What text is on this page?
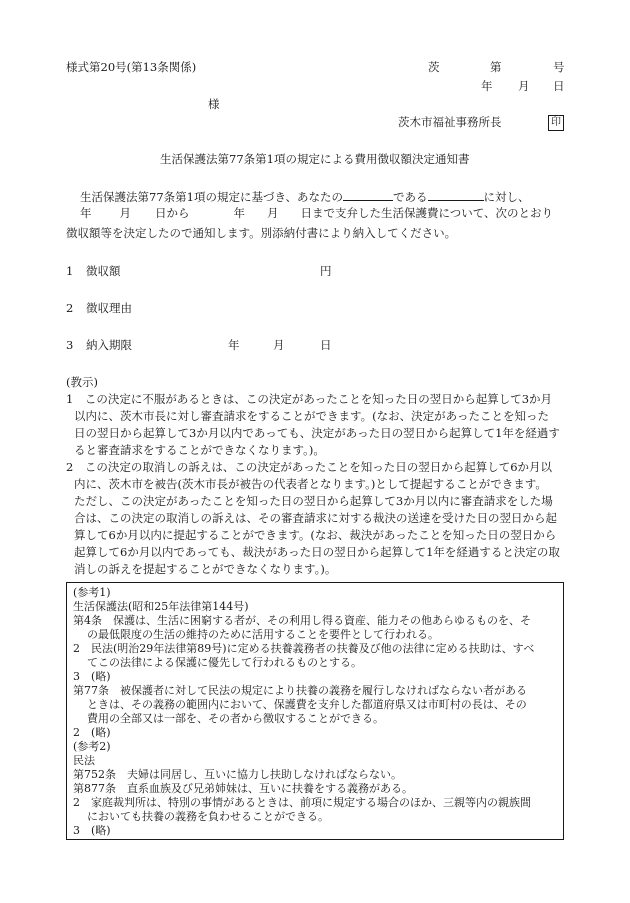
様式第20号(第13条関係)	茨	第	号
年 月 日
様
茨木市福祉事務所長	印
生活保護法第77条第1項の規定による費用徴収額決定通知書
生活保護法第77条第1項の規定に基づき、あなたの	である	に対し、
年 月 日から	年 月 日まで支弁した生活保護費について、次のとおり
徴収額等を決定したので通知します。別添納付書により納入してください。
1 徴収額	円
2 徴収理由
3 納入期限	年	月	日
(教示)
1　この決定に不服があるときは、この決定があったことを知った日の翌日から起算して3か月
以内に、茨木市長に対し審査請求をすることができます。(なお、決定があったことを知った
日の翌日から起算して3か月以内であっても、決定があった日の翌日から起算して1年を経過す
ると審査請求をすることができなくなります。)。
2　この決定の取消しの訴えは、この決定があったことを知った日の翌日から起算して6か月以
内に、茨木市を被告(茨木市長が被告の代表者となります。)として提起することができます。
ただし、この決定があったことを知った日の翌日から起算して3か月以内に審査請求をした場
合は、この決定の取消しの訴えは、その審査請求に対する裁決の送達を受けた日の翌日から起
算して6か月以内に提起することができます。(なお、裁決があったことを知った日の翌日から
起算して6か月以内であっても、裁決があった日の翌日から起算して1年を経過すると決定の取
消しの訴えを提起することができなくなります。)。
(参考1)
生活保護法(昭和25年法律第144号)
第4条　保護は、生活に困窮する者が、その利用し得る資産、能力その他あらゆるものを、そ
の最低限度の生活の維持のために活用することを要件として行われる。
2　民法(明治29年法律第89号)に定める扶養義務者の扶養及び他の法律に定める扶助は、すべ
てこの法律による保護に優先して行われるものとする。
3　(略)
第77条　被保護者に対して民法の規定により扶養の義務を履行しなければならない者がある
ときは、その義務の範囲内において、保護費を支弁した都道府県又は市町村の長は、その
費用の全部又は一部を、その者から徴収することができる。
2　(略)
(参考2)
民法
第752条　夫婦は同居し、互いに協力し扶助しなければならない。
第877条　直系血族及び兄弟姉妹は、互いに扶養をする義務がある。
2　家庭裁判所は、特別の事情があるときは、前項に規定する場合のほか、三親等内の親族間
においても扶養の義務を負わせることができる。
3　(略)
